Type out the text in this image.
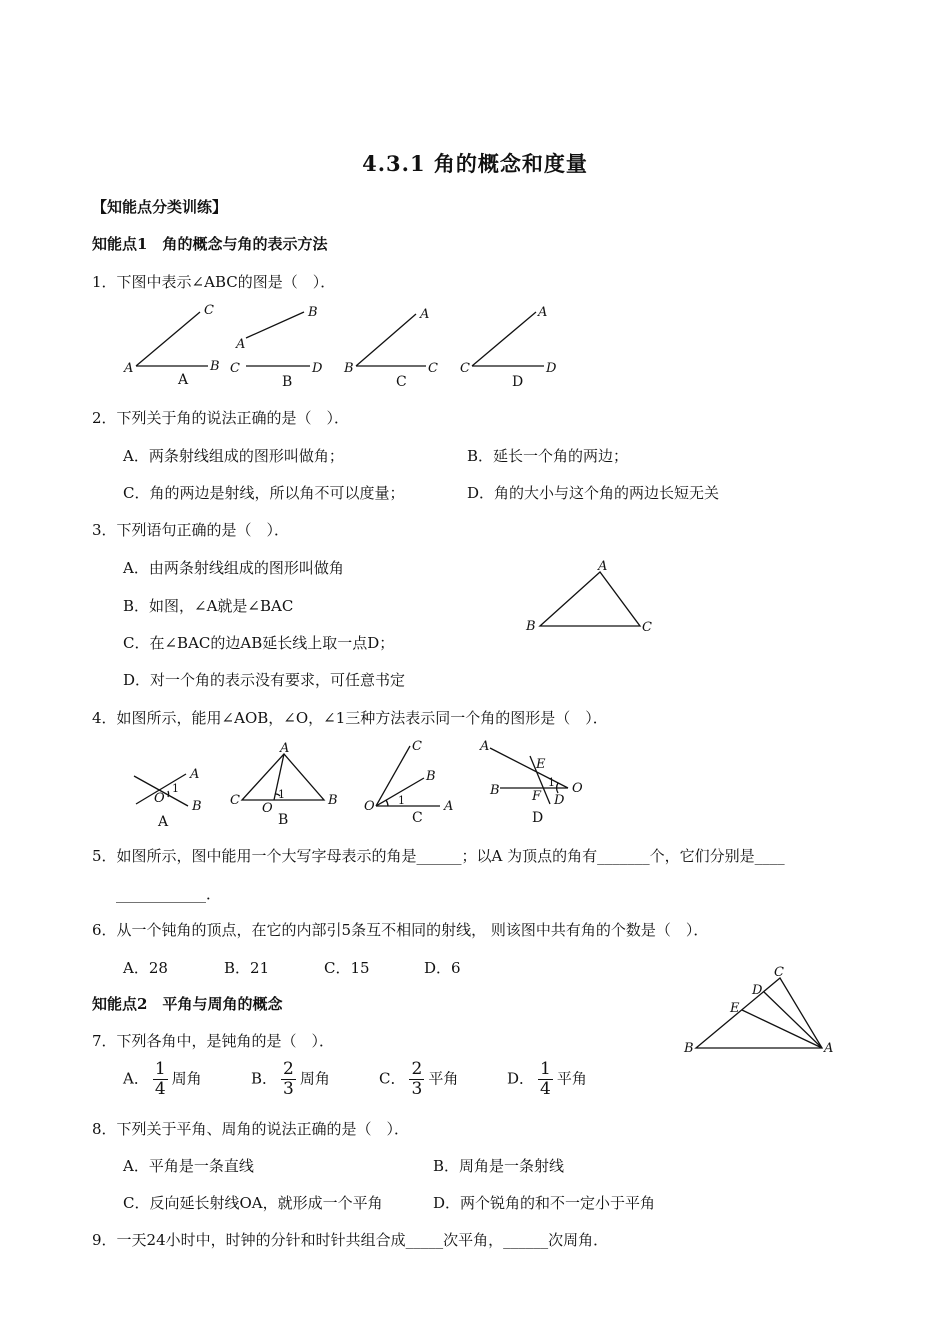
4.3.1 角的概念和度量
【知能点分类训练】
知能点1　角的概念与角的表示方法
1．下图中表示∠ABC的图是（　）．
C
A	B
A
B
A
C	D
B
A
B	C
C
A
C	D
D
2．下列关于角的说法正确的是（　）．
A．两条射线组成的图形叫做角；	B．延长一个角的两边；
C．角的两边是射线，所以角不可以度量；	D．角的大小与这个角的两边长短无关
3．下列语句正确的是（　）．
A．由两条射线组成的图形叫做角
B．如图，∠A就是∠BAC
C．在∠BAC的边AB延长线上取一点D；
D．对一个角的表示没有要求，可任意书定
A
B	C
4．如图所示，能用∠AOB，∠O，∠1三种方法表示同一个角的图形是（　）．
A
O
1
B
A
A
C
O
1	B
B
C
B
O 1	A
C
A
E
B
1
F D
O
D
5．如图所示，图中能用一个大写字母表示的角是______；以A 为顶点的角有_______个，它们分别是____
____________．
6．从一个钝角的顶点，在它的内部引5条互不相同的射线， 则该图中共有角的个数是（　）．
A．28	B．21	C．15	D．6
知能点2　平角与周角的概念
C
D
E
B	A
7．下列各角中，是钝角的是（　）．
A． $\frac{1}{4}$ 周角	B． $\frac{2}{3}$ 周角	C． $\frac{2}{3}$ 平角	D． $\frac{1}{4}$ 平角
8．下列关于平角、周角的说法正确的是（　）．
A．平角是一条直线	B．周角是一条射线
C．反向延长射线OA，就形成一个平角	D．两个锐角的和不一定小于平角
9．一天24小时中，时钟的分针和时针共组合成_____次平角，______次周角．
